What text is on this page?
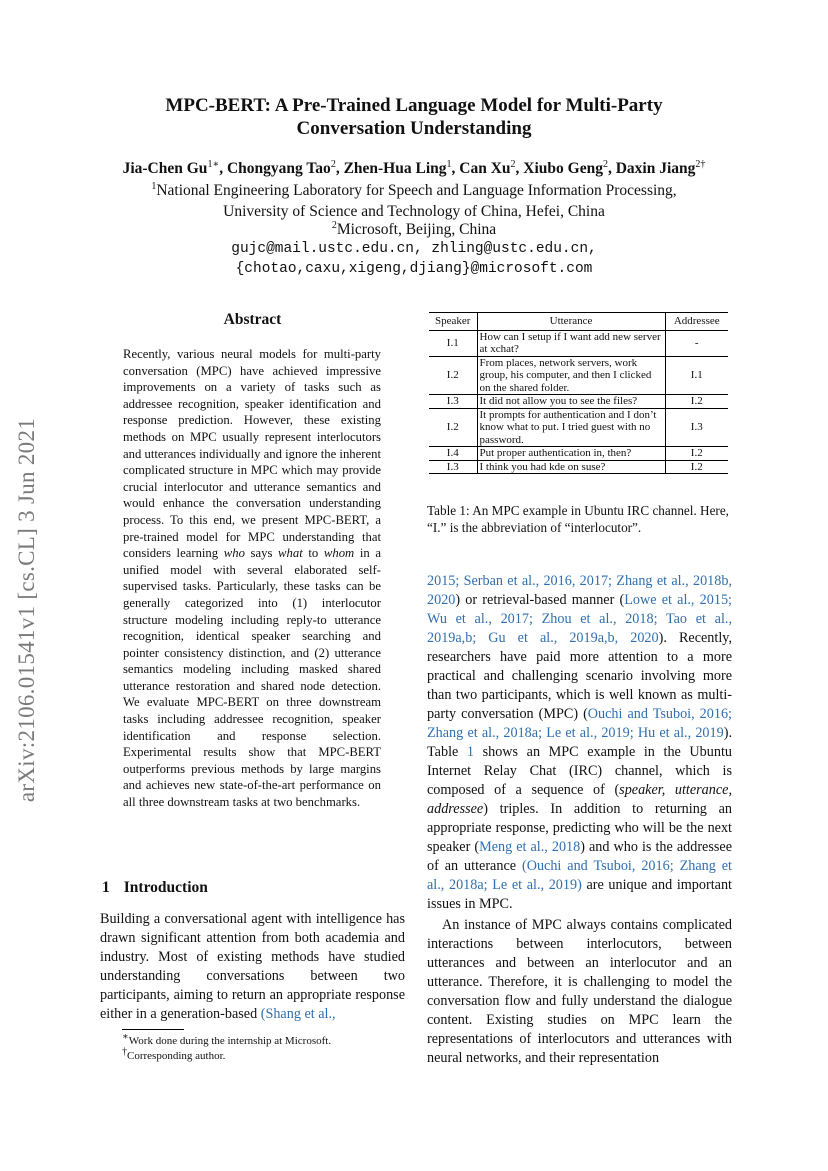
MPC-BERT: A Pre-Trained Language Model for Multi-Party
Conversation Understanding
Jia-Chen $Gu^{1∗}$, Chongyang Tao$^2$, Zhen-Hua Ling$^1$, Can Xu$^2$, Xiubo Geng$^2$, Daxin Jiang$^{2\dagger}$
$^1$National Engineering Laboratory for Speech and Language Information Processing,
University of Science and Technology of China, Hefei, China
$^2$Microsoft, Beijing, China
gujc@mail.ustc.edu.cn, zhling@ustc.edu.cn,
{chotao,caxu,xigeng,djiang}@microsoft.com
arXiv:2106.01541v1 [cs.CL] 3 Jun 2021
Abstract
Recently, various neural models for multi-party conversation (MPC) have achieved impressive improvements on a variety of tasks such as addressee recognition, speaker identification and response prediction. However, these existing methods on MPC usually represent interlocutors and utterances individually and ignore the inherent complicated structure in MPC which may provide crucial interlocutor and utterance semantics and would enhance the conversation understanding process. To this end, we present MPC-BERT, a pre-trained model for MPC understanding that considers learning who says what to whom in a unified model with several elaborated self-supervised tasks. Particularly, these tasks can be generally categorized into (1) interlocutor structure modeling including reply-to utterance recognition, identical speaker searching and pointer consistency distinction, and (2) utterance semantics modeling including masked shared utterance restoration and shared node detection. We evaluate MPC-BERT on three downstream tasks including addressee recognition, speaker identification and response selection. Experimental results show that MPC-BERT outperforms previous methods by large margins and achieves new state-of-the-art performance on all three downstream tasks at two benchmarks.
1 Introduction
Building a conversational agent with intelligence has drawn significant attention from both academia and industry. Most of existing methods have studied understanding conversations between two participants, aiming to return an appropriate response either in a generation-based (Shang et al.,
∗Work done during the internship at Microsoft.
†Corresponding author.
Speaker	Utterance	Addressee
I.1	How can I setup if I want add new server at xchat?	-
I.2	From places, network servers, work group, his computer, and then I clicked on the shared folder.	I.1
I.3	It did not allow you to see the files?	I.2
I.2	It prompts for authentication and I don’t know what to put. I tried guest with no password.	I.3
I.4	Put proper authentication in, then?	I.2
I.3	I think you had kde on suse?	I.2
Table 1: An MPC example in Ubuntu IRC channel. Here, “I.” is the abbreviation of “interlocutor”.
2015; Serban et al., 2016, 2017; Zhang et al., 2018b, 2020) or retrieval-based manner (Lowe et al., 2015; Wu et al., 2017; Zhou et al., 2018; Tao et al., 2019a,b; Gu et al., 2019a,b, 2020). Recently, researchers have paid more attention to a more practical and challenging scenario involving more than two participants, which is well known as multi-party conversation (MPC) (Ouchi and Tsuboi, 2016; Zhang et al., 2018a; Le et al., 2019; Hu et al., 2019). Table 1 shows an MPC example in the Ubuntu Internet Relay Chat (IRC) channel, which is composed of a sequence of (speaker, utterance, addressee) triples. In addition to returning an appropriate response, predicting who will be the next speaker (Meng et al., 2018) and who is the addressee of an utterance (Ouchi and Tsuboi, 2016; Zhang et al., 2018a; Le et al., 2019) are unique and important issues in MPC.
An instance of MPC always contains complicated interactions between interlocutors, between utterances and between an interlocutor and an utterance. Therefore, it is challenging to model the conversation flow and fully understand the dialogue content. Existing studies on MPC learn the representations of interlocutors and utterances with neural networks, and their representation
